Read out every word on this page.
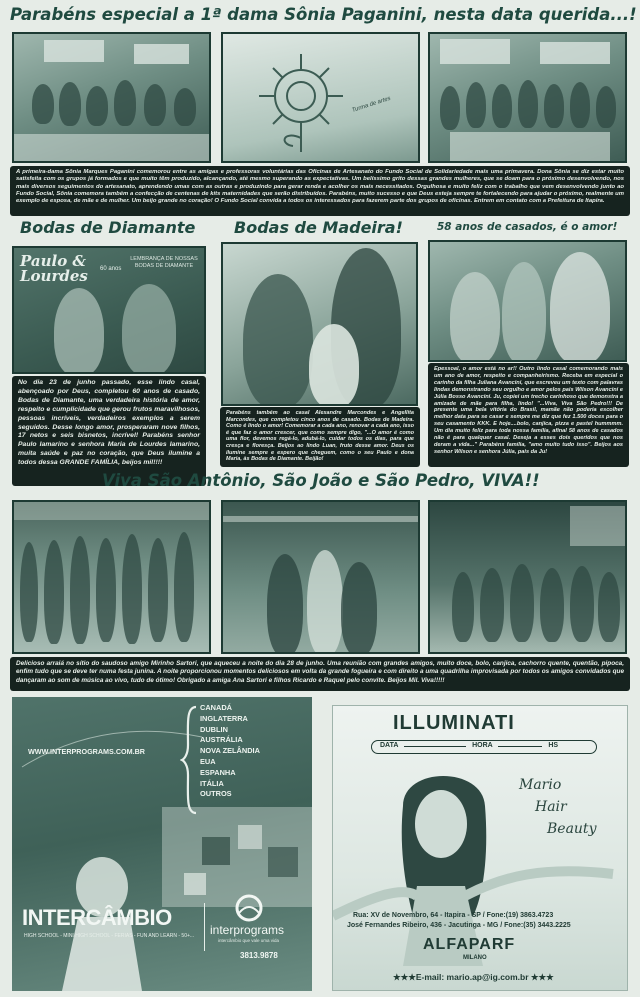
Parabéns especial a 1ª dama Sônia Paganini, nesta data querida...!
Turma de artes
A primeira-dama Sônia Marques Paganini comemorou entre as amigas e professoras voluntárias das Oficinas de Artesanato do Fundo Social de Solidariedade mais uma primavera. Dona Sônia se diz estar muito satisfeita com os grupos já formados e que muito têm produzido, alcançando, até mesmo superando as expectativas. Um belíssimo grito dessas grandes mulheres, que se doam para o próximo desenvolvendo, nos mais diversos seguimentos do artesanato, aprendendo umas com as outras e produzindo para gerar renda e acolher os mais necessitados. Orgulhosa e muito feliz com o trabalho que vem desenvolvendo junto ao Fundo Social, Sônia comemora também a confecção de centenas de kits maternidades que serão distribuídos. Parabéns, muito sucesso e que Deus esteja sempre te fortalecendo para ajudar o próximo, realmente um exemplo de esposa, de mãe e de mulher. Um beijo grande no coração! O Fundo Social convida a todos os interessados para fazerem parte dos grupos de oficinas. Entrem em contato com a Prefeitura de Itapira.
Bodas de Diamante Bodas de Madeira!	58 anos de casados, é o amor!
Paulo & Lourdes	60 anos
LEMBRANÇA DE NOSSAS BODAS DE DIAMANTE
No dia 23 de junho passado, esse lindo casal, abençoado por Deus, completou 60 anos de casado, Bodas de Diamante, uma verdadeira história de amor, respeito e cumplicidade que gerou frutos maravilhosos, pessoas incríveis, verdadeiros exemplos a serem seguidos. Desse longo amor, prosperaram nove filhos, 17 netos e seis bisnetos, incrível! Parabéns senhor Paulo Iamarino e senhora Maria de Lourdes Iamarino, muita saúde e paz no coração, que Deus ilumine a todos dessa GRANDE FAMÍLIA, beijos mil!!!!
Parabéns também ao casal Alexandre Marcondes e Angellita Marcondes, que completou cinco anos de casado. Bodas de Madeira. Como é lindo o amor! Comemorar a cada ano, renovar a cada ano, isso é que faz o amor crescer, que como sempre digo, "...O amor é como uma flor, devemos regá-lo, adubá-lo, cuidar todos os dias, para que cresça e floresça. Beijos ao lindo Luan, fruto desse amor. Deus os ilumine sempre e espero que cheguem, como o seu Paulo e dona Maria, às Bodas de Diamante. Beijão!
Epessoal, o amor está no ar!! Outro lindo casal comemorando mais um ano de amor, respeito e companheirismo. Receba em especial o carinho da filha Juliana Avancini, que escreveu um texto com palavras lindas demonstrando seu orgulho e amor pelos pais Wilson Avancini e Júlia Bosso Avancini. Ju, copiei um trecho carinhoso que demonstra a amizade de mãe para filha, lindo! "...Viva, Viva São Pedro!!! De presente uma bela vitória do Brasil, mamãe não poderia escolher melhor data para se casar e sempre me diz que fez 1.500 doces para o seu casamento KKK. E hoje....bolo, canjica, pizza e pastel hummmm. Um dia muito feliz para toda nossa família, afinal 58 anos de casados não é para qualquer casal. Deseja a esses dois queridos que nos deram a vida..." Parabéns família, "amo muito tudo isso". Beijos aos senhor Wilson e senhora Júlia, pais da Ju!
Viva São Antônio, São João e São Pedro, VIVA!!
Delicioso arraiá no sítio do saudoso amigo Mirinho Sartori, que aqueceu a noite do dia 28 de junho. Uma reunião com grandes amigos, muito doce, bolo, canjica, cachorro quente, quentão, pipoca, enfim tudo que se deve ter numa festa junina. A noite proporcionou momentos deliciosos em volta da grande fogueira e com direito a uma quadrilha improvisada por todos os amigos convidados que dançaram ao som de música ao vivo, tudo de ótimo! Obrigado a amiga Ana Sartori e filhos Ricardo e Raquel pelo convite. Beijos Mil. Viva!!!!!
CANADÁ
INGLATERRA
DUBLIN
AUSTRÁLIA
NOVA ZELÂNDIA
EUA
ESPANHA
ITÁLIA
OUTROS
WWW.INTERPROGRAMS.COM.BR
INTERCÂMBIO
HIGH SCHOOL - MINI HIGH SCHOOL - FÉRIAS - FUN AND LEARN - 50+...	interprograms
intercâmbio que vale uma vida
3813.9878
ILLUMINATI
DATA	HORA	HS
Mario
Hair
Beauty
Rua: XV de Novembro, 64 - Itapira - SP / Fone:(19) 3863.4723
José Fernandes Ribeiro, 436 - Jacutinga - MG / Fone:(35) 3443.2225
ALFAPARF
MILANO
★★★E-mail: mario.ap@ig.com.br ★★★
